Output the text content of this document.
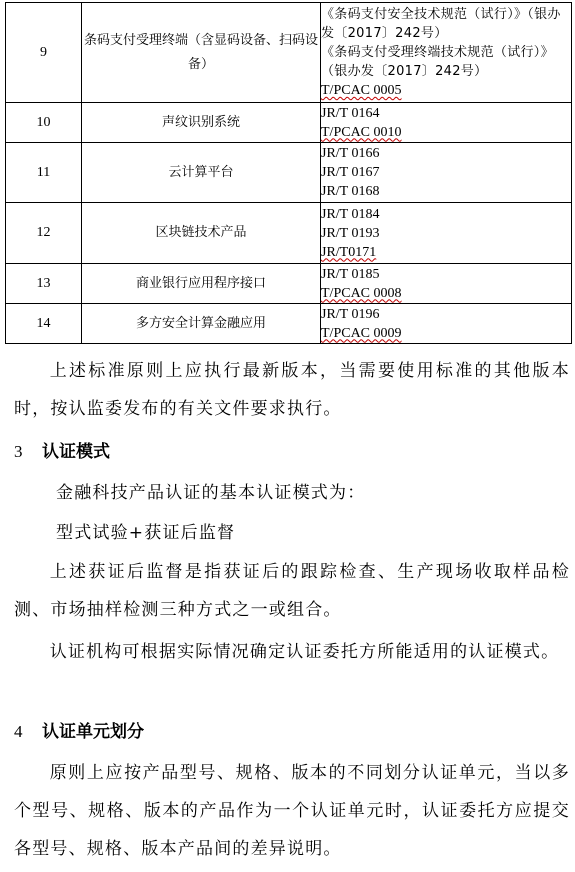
9	条码支付受理终端（含显码设备、扫码设备）	《条码支付安全技术规范（试行）》（银办发〔2017〕242号）
《条码支付受理终端技术规范（试行）》（银办发〔2017〕242号）
T/PCAC 0005

10	声纹识别系统	JR/T 0164
T/PCAC 0010

11	云计算平台	JR/T 0166
JR/T 0167
JR/T 0168

12	区块链技术产品	JR/T 0184
JR/T 0193
JR/T0171

13	商业银行应用程序接口	JR/T 0185
T/PCAC 0008

14	多方安全计算金融应用	JR/T 0196
T/PCAC 0009

上述标准原则上应执行最新版本，当需要使用标准的其他版本时，按认监委发布的有关文件要求执行。

3 认证模式

金融科技产品认证的基本认证模式为：

型式试验+获证后监督

上述获证后监督是指获证后的跟踪检查、生产现场收取样品检测、市场抽样检测三种方式之一或组合。

认证机构可根据实际情况确定认证委托方所能适用的认证模式。

4 认证单元划分

原则上应按产品型号、规格、版本的不同划分认证单元，当以多个型号、规格、版本的产品作为一个认证单元时，认证委托方应提交各型号、规格、版本产品间的差异说明。
